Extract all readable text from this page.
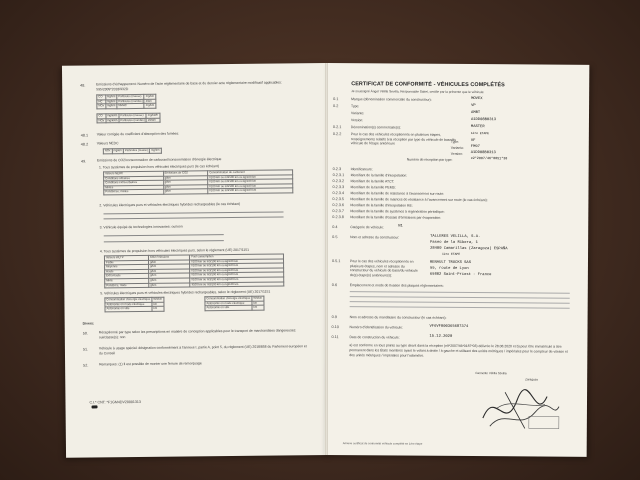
48.	Emissions d'échappement: Numéro de l'acte réglementaire de base et du dernier acte réglementaire modificatif applicables: 595/2009*2018/932D
CO	mg/km	Particules (masse)	mg/km
HC	mg/km	Particules (nombre)	#/km
NOx	mg/km	NMHC	mg/km
CO	mg/kWh	Particules (masse)	mg/kWh
NOx	mg/kWh	Particules (nombre)	#/kWh
48.1	Valeur corrigée du coefficient d'absorption des fumées:
48.2	Valeurs NEDC
NOx	mg/km	Particules (masse)	mg/km
49.	Emissions de CO2/consommation de carburant/consommation d'énergie électrique
1. Tous systèmes de propulsion hors véhicules électriques purs (le cas échéant)
Valeurs NEDC	Emissions de CO2	Consommation de carburant
Conditions urbaines	g/km	l/100 km ou m3/100 km ou kg/100 km
Conditions extra-urbaines	g/km	l/100 km ou m3/100 km ou kg/100 km
Mixtes	g/km	l/100 km ou m3/100 km ou kg/100 km
Pondérées, mixtes	g/km	l/100 km ou m3/100 km ou kg/100 km
2. Véhicules électriques purs et véhicules électriques hybrides rechargeables (le cas échéant)
3. Véhicule équipé de technologies innovantes: oui/non
4. Tous systèmes de propulsion hors véhicules électriques purs, selon le règlement (UE) 2017/1151
Valeurs WLTP	CO2 émissions	Fuel consumption
Faible	g/km	l/100 km ou m3/100 km ou kg/100 km
Moyenne	g/km	l/100 km ou m3/100 km ou kg/100 km
Haute	g/km	l/100 km ou m3/100 km ou kg/100 km
Extra-haute	g/km	l/100 km ou m3/100 km ou kg/100 km
Mixte	g/km	l/100 km ou m3/100 km ou kg/100 km
Pondérée, mixte	g/km	l/100 km ou m3/100 km ou kg/100 km
5. Véhicules électriques purs et véhicules électriques hybrides rechargeables, selon le règlement (UE) 2017/1151
Consommation d'énergie électrique	Wh/km
Autonomie en mode électrique	km
Autonomie en ville	km
Consommation d'énergie électrique	Wh/km
Autonomie en mode électrique	km
Autonomie en ville	km
Divers:
50.	Réceptionné par type selon les prescriptions en matière de conception applicables pour le transport de marchandises dangereuses: oui/classe(s): non
51.	Véhicule à usage spécial: désignation conformément à l'annexe I, partie A, point 5, du règlement (UE) 2018/858 du Parlement européen et du Conseil
52.	Remarques: (1) Il est possible de monter une ferrure de remorquage
C.I.* CNT: *F1GM4DV20001313
CERTIFICAT DE CONFORMITÉ - VÉHICULES COMPLÉTÉS
Je soussigné Ángel Vélilla Sevilla, Responsable Salrel, certifie par la présente que le véhicule:
0.1	Marque (dénomination commerciale du constructeur):	MOVEX
0.2	Type:	VP
Variante:	AMBT
Version:	A1DD08B0313
0.2.1	Dénomination(s) commerciale(s):	MASTER
0.2.2	Pour le cas des véhicules réceptionnés en plusieurs étapes, renseignements relatifs à la réception par type du véhicule de base/du véhicule de l'étape antérieure
1ère ETAPE
Type:	VF
Variante: FM97
Version: A1DD08B0313
Numéro de réception par type:	e2*2007/46*0051*30
0.2.3	Identificateurs:
0.2.3.1 Identifiant de la famille d'interpolation:
0.2.3.2 Identifiant de la famille ATCT:
0.2.3.3 Identifiant de la famille PEMS:
0.2.3.4 Identifiant de la famille de résistance à l'avancement sur route:
0.2.3.5 Identifiant de la famille de matrices de résistance à l'avancement sur route (le cas échéant):
0.2.3.6 Identifiant de la famille d'interpolation RE:
0.2.3.7 Identifiant de la famille de systèmes à régénération périodique:
0.2.3.8 Identifiant de la famille d'essais d'émissions par évaporation:
0.4	Catégorie de véhicule:	N1
0.5	Nom et adresse du constructeur:	TALLERES VELILLA, S.A.
Paseo de la Ribera, 1
28400 Camarillas (Zaragoza) ESPAÑA
1ère ETAPE
0.5.1	Pour le cas des véhicules réceptionnés en plusieurs étapes, nom et adresse du constructeur du véhicule de base/du véhicule de(s) étape(s) antérieure(s):
RENAULT TRUCKS SAS
99, route de Lyon
69802 Saint-Priest - France
0.6	Emplacement et mode de fixation des plaques réglementaires:
0.9	Nom et adresse du mandataire du constructeur (le cas échéant):
0.10	Numéro d'identification du véhicule:	VF6VF000365687374
0.11	Date de construction du véhicule:	15.12.2020
a) est conforme en tous points au type décrit dans la réception (e9*2007/46*0187*03) délivrée le 28.08.2020 et b) peut être immatriculé à titre permanent dans les États membres ayant le volant à droite / à gauche et utilisant des unités métriques / impériales pour le compteur de vitesse et des unités métriques / impériales pour l'odomètre.
Carmelite Vélilla Sévilla
Zaragoza
Annexe certificat de conformité véhicule complété en 1ère étape
